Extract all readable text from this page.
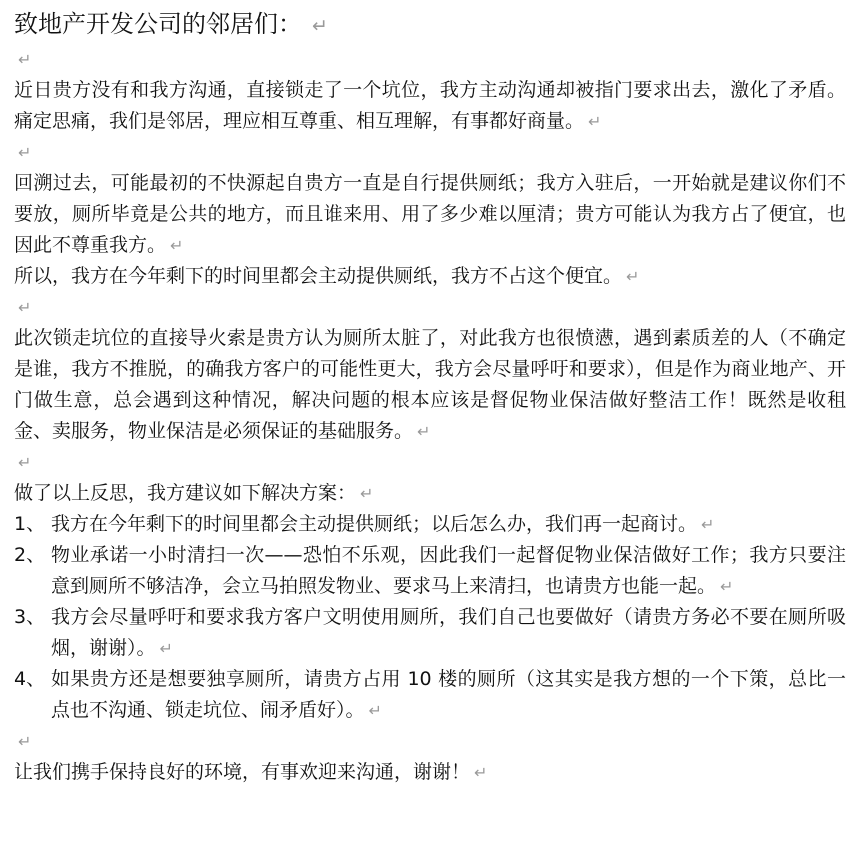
致地产开发公司的邻居们： ↵

↵

近日贵方没有和我方沟通，直接锁走了一个坑位，我方主动沟通却被指门要求出去，激化了矛盾。痛定思痛，我们是邻居，理应相互尊重、相互理解，有事都好商量。 ↵

↵

回溯过去，可能最初的不快源起自贵方一直是自行提供厕纸；我方入驻后，一开始就是建议你们不要放，厕所毕竟是公共的地方，而且谁来用、用了多少难以厘清；贵方可能认为我方占了便宜，也因此不尊重我方。 ↵

所以，我方在今年剩下的时间里都会主动提供厕纸，我方不占这个便宜。 ↵

↵

此次锁走坑位的直接导火索是贵方认为厕所太脏了，对此我方也很愤懑，遇到素质差的人（不确定是谁，我方不推脱，的确我方客户的可能性更大，我方会尽量呼吁和要求），但是作为商业地产、开门做生意，总会遇到这种情况，解决问题的根本应该是督促物业保洁做好整洁工作！既然是收租金、卖服务，物业保洁是必须保证的基础服务。 ↵

↵

做了以上反思，我方建议如下解决方案： ↵

1、 我方在今年剩下的时间里都会主动提供厕纸；以后怎么办，我们再一起商讨。 ↵
2、 物业承诺一小时清扫一次——恐怕不乐观，因此我们一起督促物业保洁做好工作；我方只要注意到厕所不够洁净，会立马拍照发物业、要求马上来清扫，也请贵方也能一起。 ↵
3、 我方会尽量呼吁和要求我方客户文明使用厕所，我们自己也要做好（请贵方务必不要在厕所吸烟，谢谢）。 ↵
4、 如果贵方还是想要独享厕所，请贵方占用 10 楼的厕所（这其实是我方想的一个下策，总比一点也不沟通、锁走坑位、闹矛盾好）。 ↵
↵

让我们携手保持良好的环境，有事欢迎来沟通，谢谢！ ↵
